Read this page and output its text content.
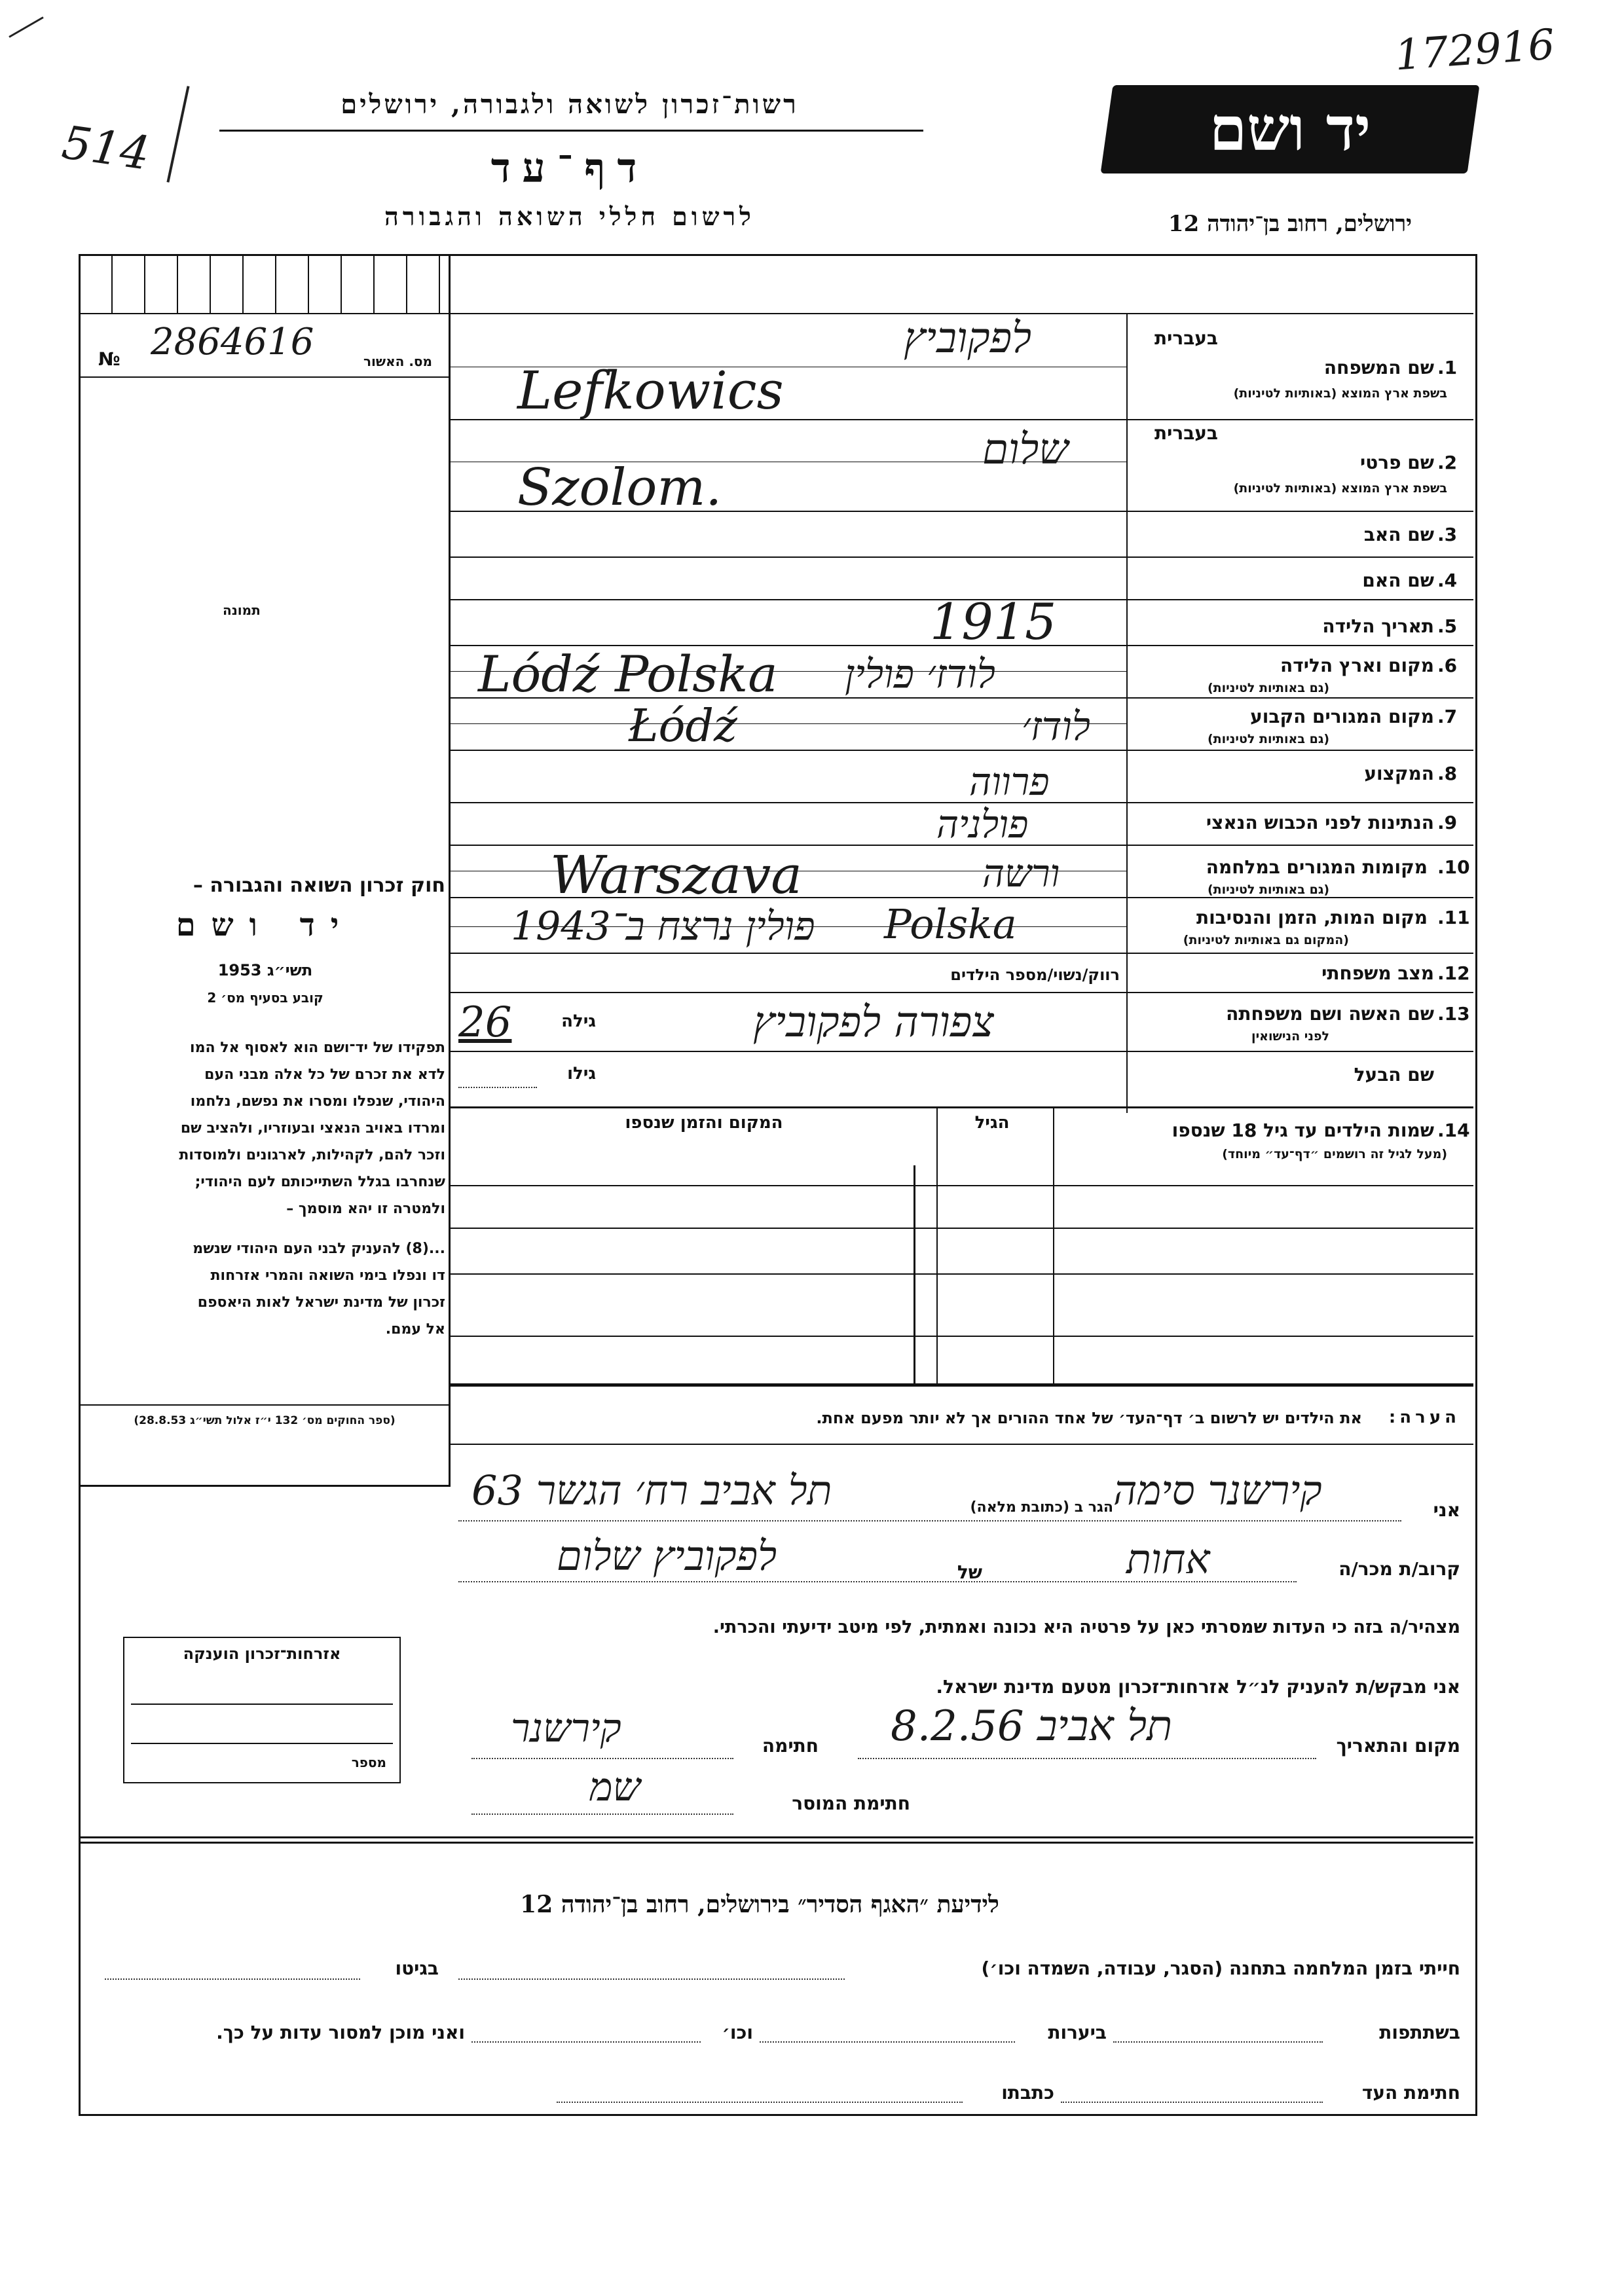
172916
514
רשות־זכרון לשואה ולגבורה, ירושלים
דף־עד
לרשום חללי השואה והגבורה
יד ושם
ירושלים, רחוב בן־יהודה 12
מס. האשור
№ 2864616
תמונה
בעברית
1.
שם המשפחה
בשפת ארץ המוצא (באותיות לטיניות)
בעברית
2.
שם פרטי
בשפת ארץ המוצא (באותיות לטיניות)
3.
שם האב
4.
שם האם
5.
תאריך הלידה
6.
מקום וארץ הלידה
(גם באותיות לטיניות)
7.
מקום המגורים הקבוע
(גם באותיות לטיניות)
8.
המקצוע
9.
הנתינות לפני הכבוש הנאצי
10.
מקומות המגורים במלחמה
(גם באותיות לטיניות)
11.
מקום המות, הזמן והנסיבות
(המקום גם באותיות לטיניות)
12.
מצב משפחתי
רווק/נשוי/מספר הילדים
13.
שם האשה ושם משפחתה
לפני הנישואין
גילה
שם הבעל
גילו
לפקוביץ
Lefkowics
שלום
Szolom.
1915
Lódź Polska לודז׳ פולין
Łódź	לודז׳
פרווה
פולניה
Warszava	ורשה
פולין נרצח ב־1943 Polska
צפורה לפקוביץ
26
14.
שמות הילדים עד גיל 18 שנספו
(מעל לגיל זה רושמים ״דף־עד״ מיוחד)
הגיל
המקום והזמן שנספו
הערה:
את הילדים יש לרשום ב׳ דף־העד׳ של אחד ההורים אך לא יותר מפעם אחת.
חוק זכרון השואה והגבורה –
יד ושם
תשי״ג 1953
קובע בסעיף מס׳ 2
תפקידו של יד־ושם הוא לאסוף אל המו
לדא את זכרם של כל אלה מבני העם
היהודי, שנפלו ומסרו את נפשם, נלחמו
ומרדו באויב הנאצי ובעוזריו, ולהציב שם
וזכר להם, לקהילות, לארגונים ולמוסדות
שנחרבו בגלל השתייכותם לעם היהודי;
ולמטרה זו יהא מוסמך –
...(8) להעניק לבני העם היהודי שנשמ
דו ונפלו בימי השואה והמרי אזרחות
זכרון של מדינת ישראל לאות היאספם
אל עמם.
(ספר החוקים מס׳ 132 י״ז אלול תשי״ג 28.8.53)
אני
קירשנר סימה
הגר ב (כתובת מלאה)
תל אביב רח׳ הגשר 63
קרוב/ת מכר/ה
אחות
של
לפקוביץ שלום
מצהיר/ה בזה כי העדות שמסרתי כאן על פרטיה היא נכונה ואמתית, לפי מיטב ידיעתי והכרתי.
אני מבקש/ת להעניק לנ״ל אזרחות־זכרון מטעם מדינת ישראל.
מקום והתאריך
תל אביב 8.2.56
חתימה
קירשנר
חתימת המוסר
שמ
אזרחות־זכרון הוענקה
מספר
לידיעת ״האגף הסדיר״ בירושלים, רחוב בן־יהודה 12
חייתי בזמן המלחמה בתחנה (הסגר, עבודה, השמדה וכו׳)
בגיטו
בשתתפות
ביערות
וכו׳
ואני מוכן למסור עדות על כך.
חתימת העד
כתבתו
